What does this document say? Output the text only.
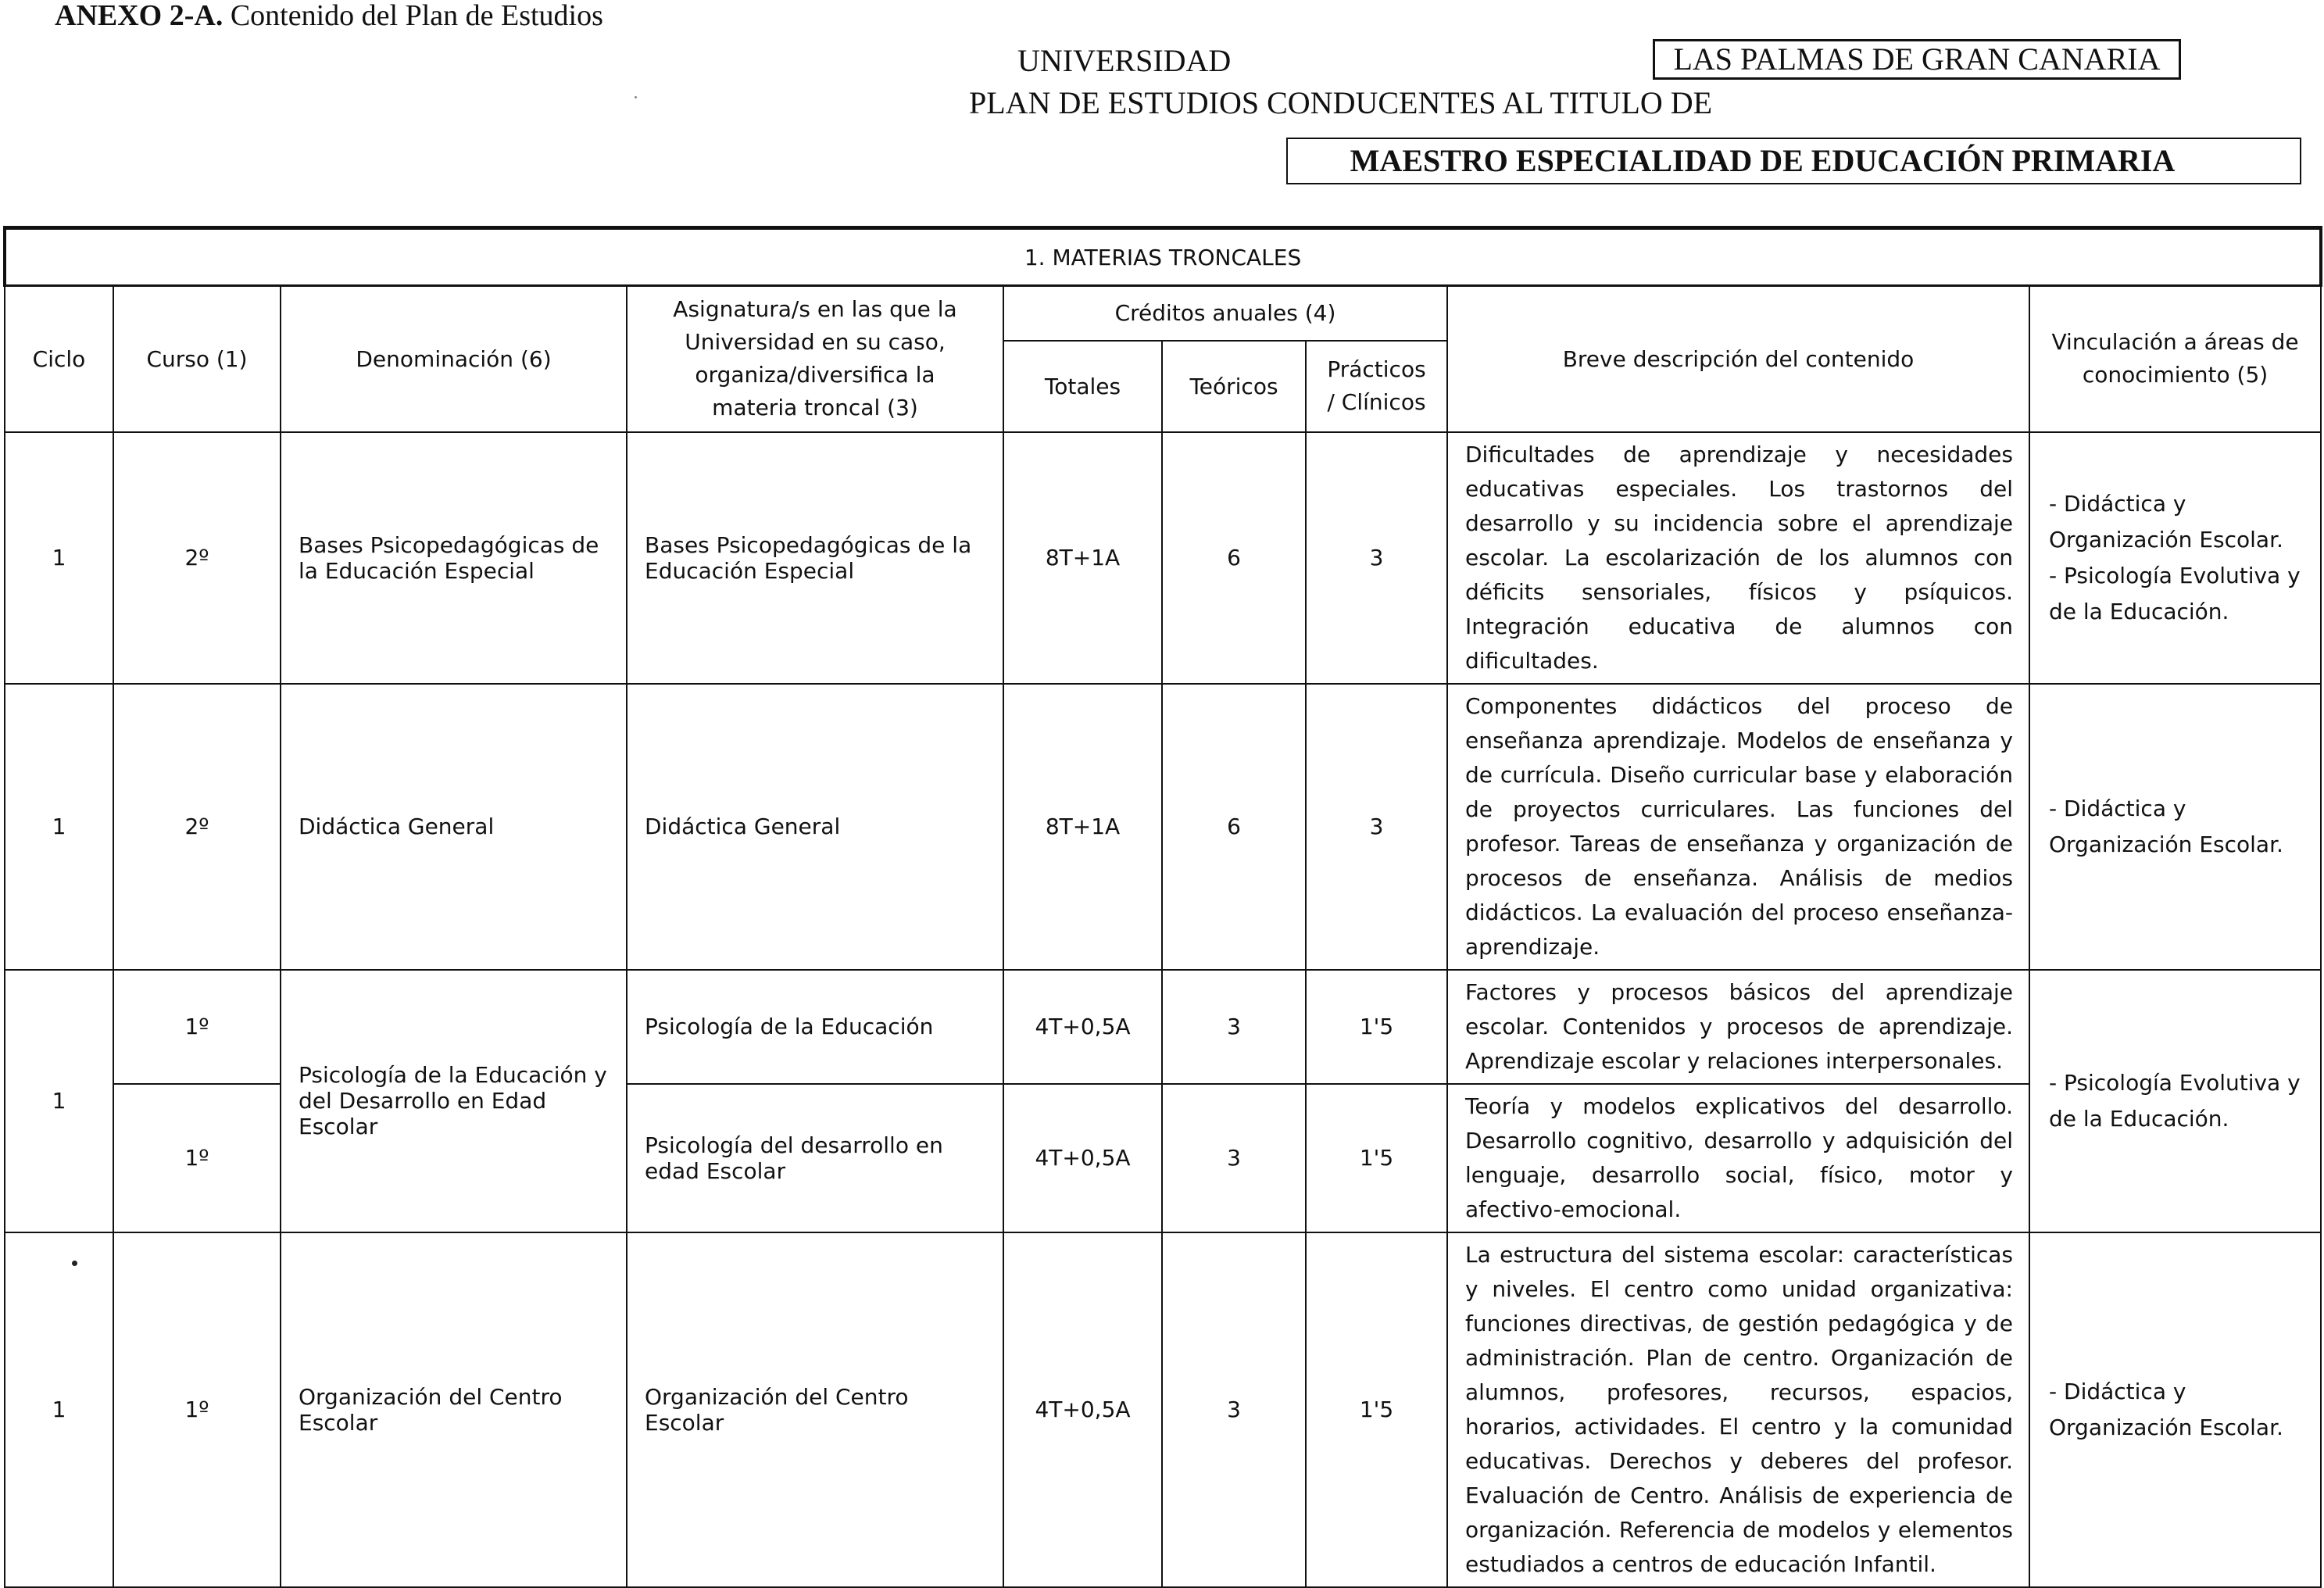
ANEXO 2-A. Contenido del Plan de Estudios
UNIVERSIDAD	LAS PALMAS DE GRAN CANARIA
PLAN DE ESTUDIOS CONDUCENTES AL TITULO DE
MAESTRO ESPECIALIDAD DE EDUCACIÓN PRIMARIA
1. MATERIAS TRONCALES								
Ciclo	Curso (1)	Denominación (6)	Asignatura/s en las que la Universidad en su caso, organiza/diversifica la materia troncal (3)	Créditos anuales (4)			Breve descripción del contenido	Vinculación a áreas de conocimiento (5)
				Totales	Teóricos	Prácticos / Clínicos		
1	2º	Bases Psicopedagógicas de la Educación Especial	Bases Psicopedagógicas de la Educación Especial	8T+1A	6	3	Dificultades de aprendizaje y necesidades educativas especiales. Los trastornos del desarrollo y su incidencia sobre el aprendizaje escolar. La escolarización de los alumnos con déficits sensoriales, físicos y psíquicos. Integración educativa de alumnos con dificultades.	- Didáctica y Organización Escolar.
- Psicología Evolutiva y de la Educación.

1	2º	Didáctica General	Didáctica General	8T+1A	6	3	Componentes didácticos del proceso de enseñanza aprendizaje. Modelos de enseñanza y de currícula. Diseño curricular base y elaboración de proyectos curriculares. Las funciones del profesor. Tareas de enseñanza y organización de procesos de enseñanza. Análisis de medios didácticos. La evaluación del proceso enseñanza-aprendizaje.	- Didáctica y Organización Escolar.

1	1º	Psicología de la Educación y del Desarrollo en Edad Escolar	Psicología de la Educación	4T+0,5A	3	1'5	Factores y procesos básicos del aprendizaje escolar. Contenidos y procesos de aprendizaje. Aprendizaje escolar y relaciones interpersonales.	- Psicología Evolutiva y de la Educación.

	1º		Psicología del desarrollo en edad Escolar	4T+0,5A	3	1'5	Teoría y modelos explicativos del desarrollo. Desarrollo cognitivo, desarrollo y adquisición del lenguaje, desarrollo social, físico, motor y afectivo-emocional.	
1	1º	Organización del Centro Escolar	Organización del Centro Escolar	4T+0,5A	3	1'5	La estructura del sistema escolar: características y niveles. El centro como unidad organizativa: funciones directivas, de gestión pedagógica y de administración. Plan de centro. Organización de alumnos, profesores, recursos, espacios, horarios, actividades. El centro y la comunidad educativas. Derechos y deberes del profesor. Evaluación de Centro. Análisis de experiencia de organización. Referencia de modelos y elementos estudiados a centros de educación Infantil.	- Didáctica y Organización Escolar.
